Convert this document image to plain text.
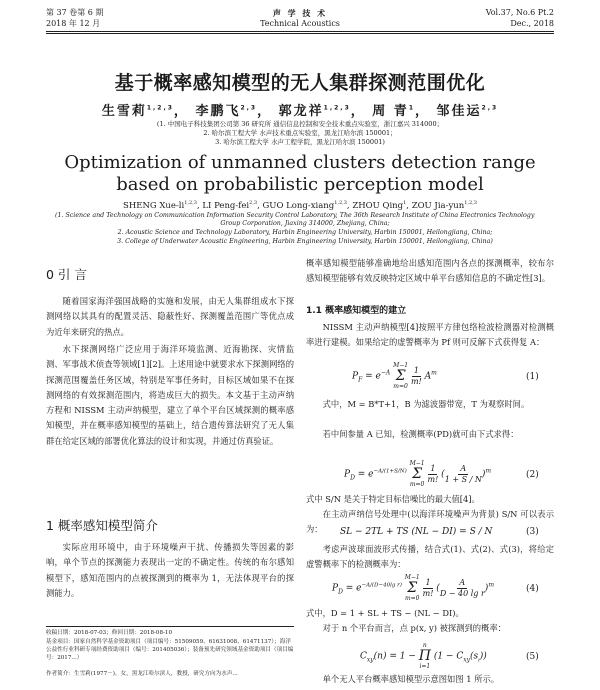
第 37 卷第 6 期
2018 年 12 月
声 学 技 术
Technical Acoustics
Vol.37, No.6 Pt.2
Dec., 2018
基于概率感知模型的无人集群探测范围优化
生雪莉$^{1,2,3}$， 李鹏飞$^{2,3}$， 郭龙祥$^{1,2,3}$， 周 青$^1$， 邹佳运$^{2,3}$
(1. 中国电子科技集团公司第 36 研究所 通信信息控制和安全技术重点实验室，浙江嘉兴 314000；
2. 哈尔滨工程大学 水声技术重点实验室，黑龙江哈尔滨 150001；
3. 哈尔滨工程大学 水声工程学院，黑龙江哈尔滨 150001)
Optimization of unmanned clusters detection range based on probabilistic perception model
SHENG Xue-li$^{1,2,3}$, LI Peng-fei$^{2,3}$, GUO Long-xiang$^{1,2,3}$, ZHOU Qing$^1$, ZOU Jia-yun$^{1,2,3}$
(1. Science and Technology on Communication Information Security Control Laboratory, The 36th Research Institute of China Electronics Technology
Group Corporation, Jiaxing 314000, Zhejiang, China;
2. Acoustic Science and Technology Laboratory, Harbin Engineering University, Harbin 150001, Heilongjiang, China;
3. College of Underwater Acoustic Engineering, Harbin Engineering University, Harbin 150001, Heilongjiang, China)
0 引 言
随着国家海洋强国战略的实施和发展，由无人集群组成水下探测网络以其具有的配置灵活、隐蔽性好、探测覆盖范围广等优点成为近年来研究的热点。
水下探测网络广泛应用于海洋环境监测、近海勘探、灾情监测、军事战术侦查等领域[1][2]。上述用途中就要求水下探测网络的探测范围覆盖任务区域，特别是军事任务时，目标区域如果不在探测网络的有效探测范围内，将造成巨大的损失。本文基于主动声纳方程和 NISSM 主动声纳模型，建立了单个平台区域探测的概率感知模型，并在概率感知模型的基础上，结合遗传算法研究了无人集群在给定区域的部署优化算法的设计和实现，并通过仿真验证。
1 概率感知模型简介
实际应用环境中，由于环境噪声干扰、传播损失等因素的影响，单个节点的探测能力表现出一定的不确定性。传统的布尔感知模型下，感知范围内的点被探测到的概率为 1，无法体现平台的探测能力。
收稿日期：2018-07-03；修回日期：2018-08-10
基金项目：国家自然科学基金资助项目（项目编号：51509059、61631008、61471137）；海洋公益性行业科研专项经费资助项目（编号：201405036）；装备预先研究领域基金资助项目（项目编号：2017...）
作者简介：生雪莉(1977－)，女，黑龙江哈尔滨人，教授，研究方向为水声...
概率感知模型能够准确地给出感知范围内各点的探测概率，较布尔感知模型能够有效反映特定区域中单平台感知信息的不确定性[3]。
1.1 概率感知模型的建立
NISSM 主动声纳模型[4]按照平方律包络检波检测器对检测概率进行建模。如果给定的虚警概率为 Pf 则可反解下式获得复 A：
$P_F = e^{-A}$
M−1
Σ
m=0
$\frac{1}{m!} A^m$	(1)
式中，M = B*T+1，B 为滤波器带宽，T 为观察时间。
若中间参量 A 已知，检测概率(PD)就可由下式求得：
$P_D = e^{-A/(1+S/N)}$
M−1
Σ
m=0
$\frac{1}{m!}$ ( $\frac{A}{1 + S / N} )^m$	(2)
式中 S/N 是关于特定目标信噪比的最大值[4]。
在主动声纳信号处理中(以海洋环境噪声为背景) S/N 可以表示为：	SL − 2TL + TS (NL − DI) = S / N	(3)
考虑声波球面波形式传播，结合式(1)、式(2)、式(3)，将给定虚警概率下的检测概率为：
$P_D = e^{-A/(D-40lg r)}$
M−1
Σ
m=0
$\frac{1}{m!}$ ( $\frac{A}{\text{D − 40 lg r}} )^m$	(4)
式中，D = 1 + SL + TS − (NL − DI)。
对于 n 个平台而言，点 p(x, y) 被探测到的概率：
$C_{xy}(n) = 1$ −
n
Π
i=1
$(1 - C_{xy}(s_i))$	(5)
单个无人平台概率感知模型示意图如图 1 所示。
